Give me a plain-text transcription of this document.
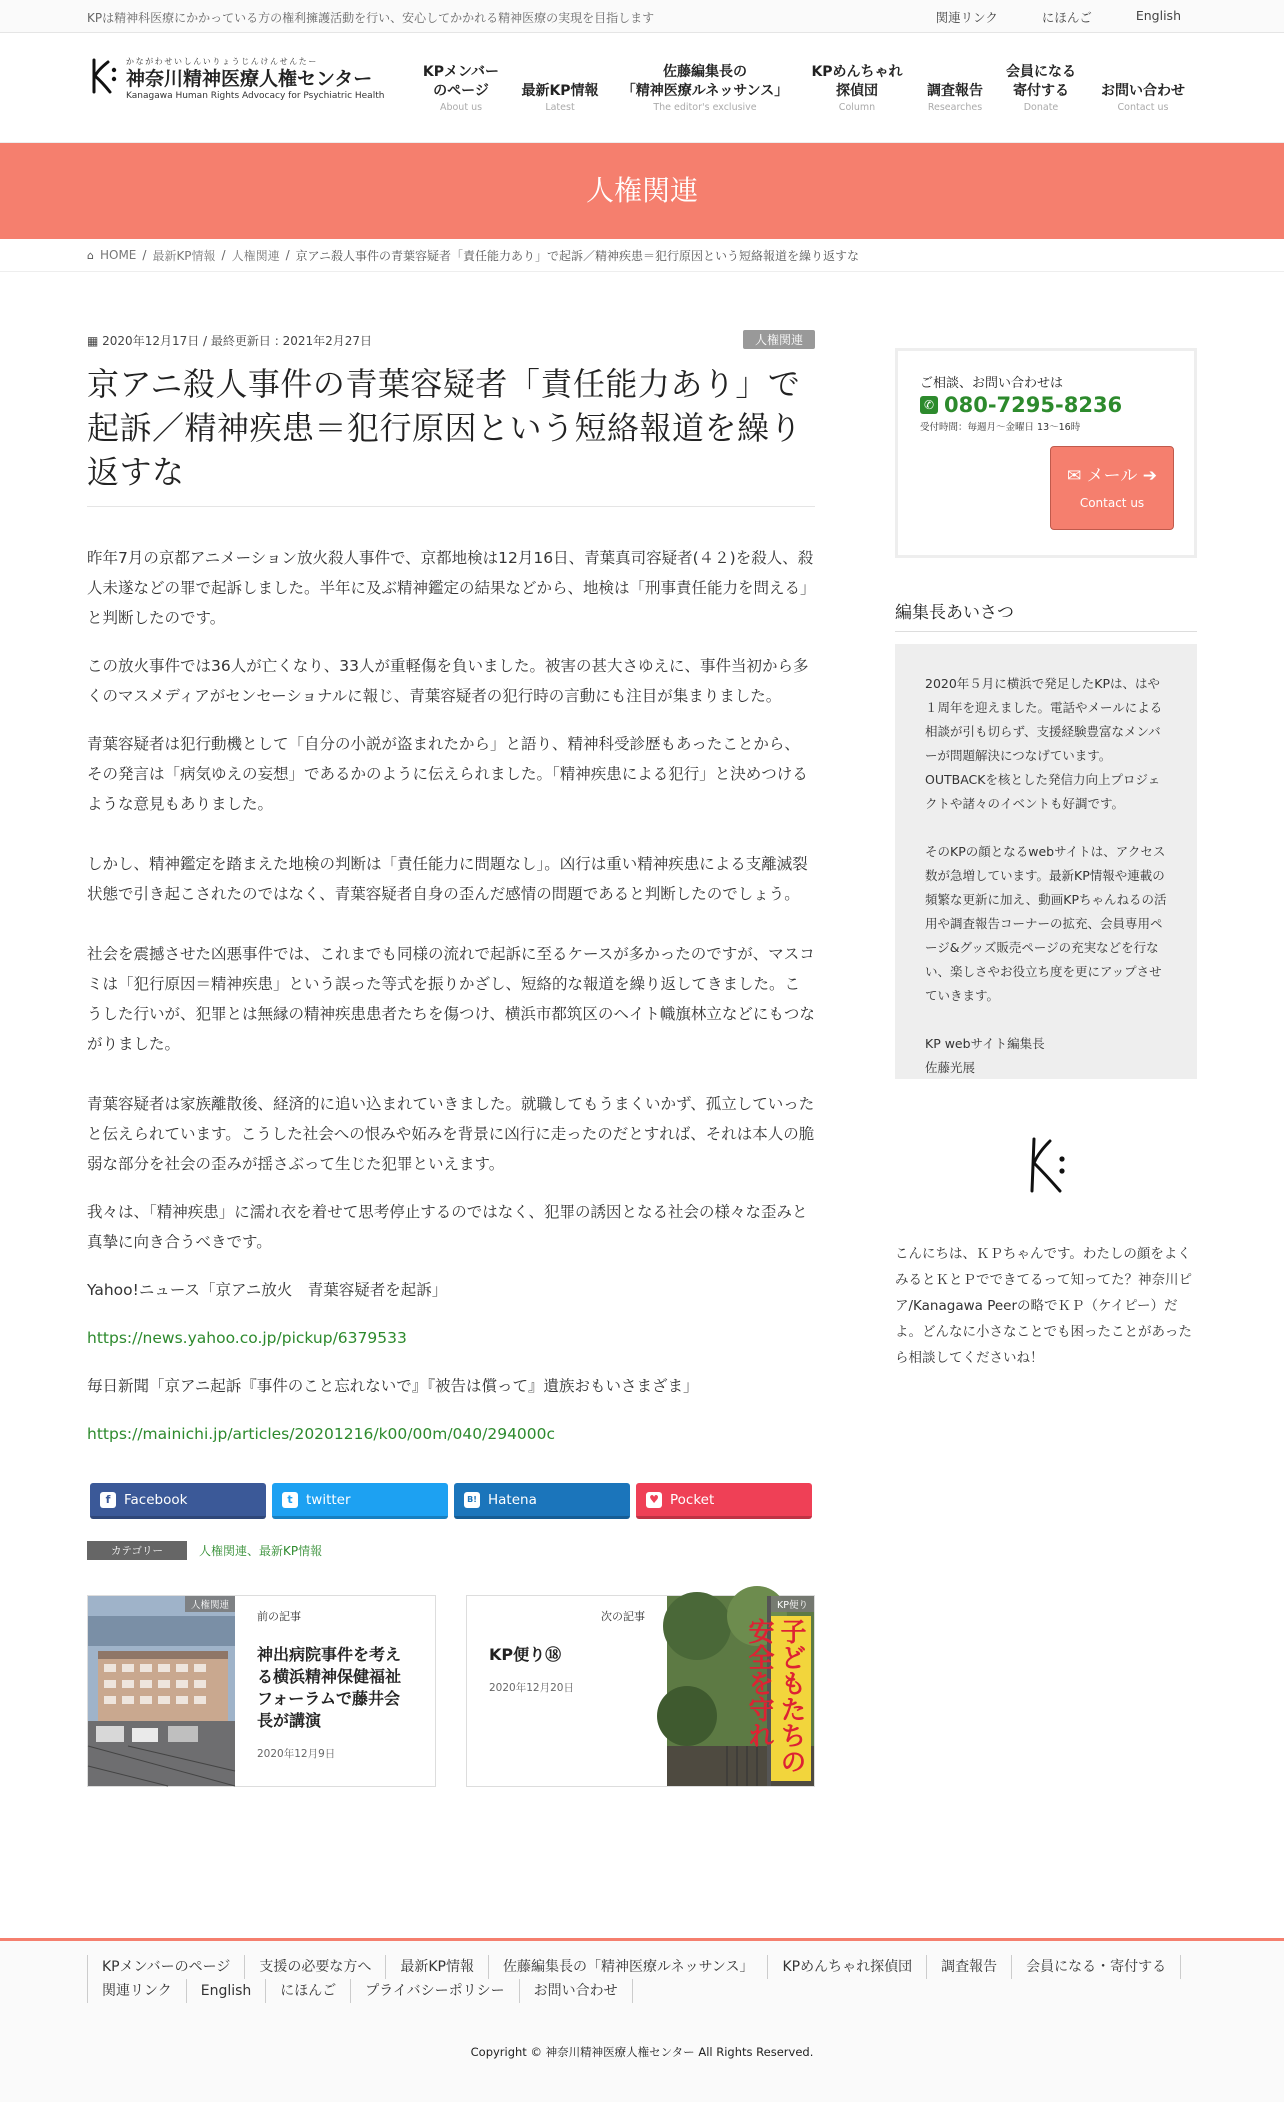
KPは精神科医療にかかっている方の権利擁護活動を行い、安心してかかれる精神医療の実現を目指します	関連リンク	にほんご	English
かながわせいしんいりょうじんけんせんたー
神奈川精神医療人権センター
Kanagawa Human Rights Advocacy for Psychiatric Health
KPメンバー
のページ
About us
最新KP情報
Latest
佐藤編集長の
「精神医療ルネッサンス」
The editor's exclusive
KPめんちゃれ
探偵団
Column
調査報告
Researches
会員になる
寄付する
Donate
お問い合わせ
Contact us
人権関連
⌂ HOME / 最新KP情報 / 人権関連 / 京アニ殺人事件の青葉容疑者「責任能力あり」で起訴／精神疾患＝犯行原因という短絡報道を繰り返すな
▦ 2020年12月17日 / 最終更新日 : 2021年2月27日	人権関連
京アニ殺人事件の青葉容疑者「責任能力あり」で起訴／精神疾患＝犯行原因という短絡報道を繰り返すな

昨年7月の京都アニメーション放火殺人事件で、京都地検は12月16日、青葉真司容疑者(４２)を殺人、殺人未遂などの罪で起訴しました。半年に及ぶ精神鑑定の結果などから、地検は「刑事責任能力を問える」と判断したのです。

この放火事件では36人が亡くなり、33人が重軽傷を負いました。被害の甚大さゆえに、事件当初から多くのマスメディアがセンセーショナルに報じ、青葉容疑者の犯行時の言動にも注目が集まりました。

青葉容疑者は犯行動機として「自分の小説が盗まれたから」と語り、精神科受診歴もあったことから、その発言は「病気ゆえの妄想」であるかのように伝えられました。「精神疾患による犯行」と決めつけるような意見もありました。

しかし、精神鑑定を踏まえた地検の判断は「責任能力に問題なし」。凶行は重い精神疾患による支離滅裂状態で引き起こされたのではなく、青葉容疑者自身の歪んだ感情の問題であると判断したのでしょう。

社会を震撼させた凶悪事件では、これまでも同様の流れで起訴に至るケースが多かったのですが、マスコミは「犯行原因＝精神疾患」という誤った等式を振りかざし、短絡的な報道を繰り返してきました。こうした行いが、犯罪とは無縁の精神疾患患者たちを傷つけ、横浜市都筑区のヘイト幟旗林立などにもつながりました。

青葉容疑者は家族離散後、経済的に追い込まれていきました。就職してもうまくいかず、孤立していったと伝えられています。こうした社会への恨みや妬みを背景に凶行に走ったのだとすれば、それは本人の脆弱な部分を社会の歪みが揺さぶって生じた犯罪といえます。

我々は、「精神疾患」に濡れ衣を着せて思考停止するのではなく、犯罪の誘因となる社会の様々な歪みと真摯に向き合うべきです。

Yahoo!ニュース「京アニ放火　青葉容疑者を起訴」

https://news.yahoo.co.jp/pickup/6379533

毎日新聞「京アニ起訴『事件のこと忘れないで』『被告は償って』遺族おもいさまざま」

https://mainichi.jp/articles/20201216/k00/00m/040/294000c

f	Facebook	t twitter	B! Hatena	♥ Pocket
カテゴリー	人権関連 、 最新KP情報
人権関連
前の記事
神出病院事件を考える横浜精神保健福祉フォーラムで藤井会長が講演
2020年12月9日
次の記事
KP便り⑱
2020年12月20日	子どもたちの安全を守れ
KP便り
ご相談、お問い合わせは
✆ 080-7295-8236
受付時間：毎週月～金曜日 13～16時
✉ メール ➔
Contact us
編集長あいさつ

2020年５月に横浜で発足したKPは、はや１周年を迎えました。電話やメールによる相談が引も切らず、支援経験豊富なメンバーが問題解決につなげています。OUTBACKを核とした発信力向上プロジェクトや諸々のイベントも好調です。

そのKPの顔となるwebサイトは、アクセス数が急増しています。最新KP情報や連載の頻繁な更新に加え、動画KPちゃんねるの活用や調査報告コーナーの拡充、会員専用ページ&グッズ販売ページの充実などを行ない、楽しさやお役立ち度を更にアップさせていきます。

KP webサイト編集長

佐藤光展

こんにちは、ＫＰちゃんです。わたしの顔をよくみるとＫとＰでできてるって知ってた？神奈川ピア/Kanagawa Peerの略でＫＰ（ケイピー）だよ。どんなに小さなことでも困ったことがあったら相談してくださいね！
KPメンバーのページ 支援の必要な方へ 最新KP情報 佐藤編集長の「精神医療ルネッサンス」 KPめんちゃれ探偵団 調査報告 会員になる・寄付する
関連リンク English にほんご プライバシーポリシー お問い合わせ
Copyright © 神奈川精神医療人権センター All Rights Reserved.
